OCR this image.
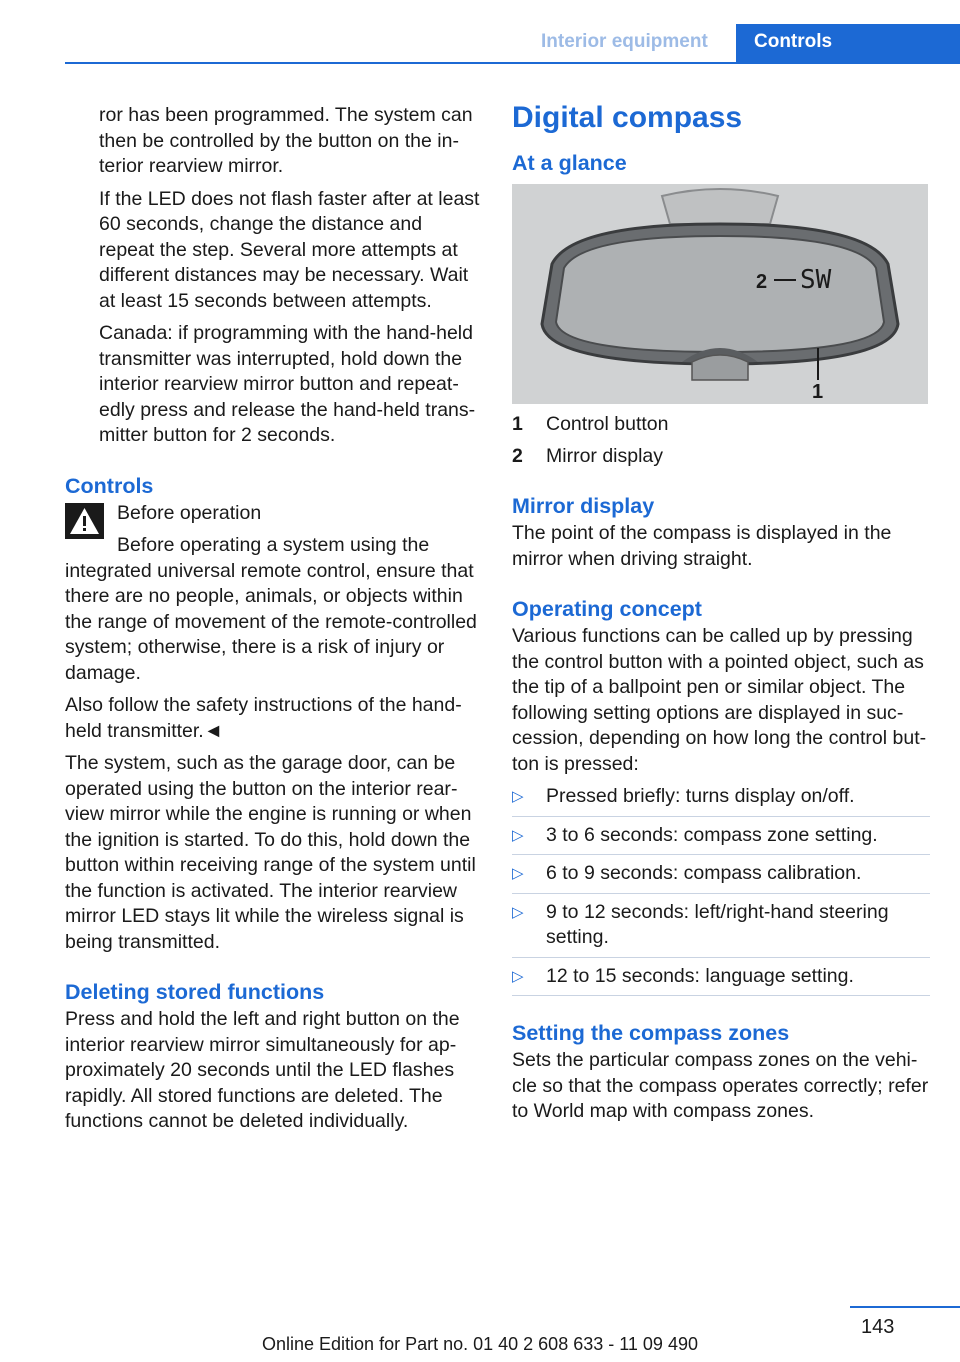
Interior equipment Controls

ror has been programmed. The system can then be controlled by the button on the interior rearview mirror.

If the LED does not flash faster after at least 60 seconds, change the distance and repeat the step. Several more attempts at different distances may be necessary. Wait at least 15 seconds between attempts.

Canada: if programming with the hand-held transmitter was interrupted, hold down the interior rearview mirror button and repeatedly press and release the hand-held transmitter button for 2 seconds.

Controls

Before operation

Before operating a system using the integrated universal remote control, ensure that there are no people, animals, or objects within the range of movement of the remote-controlled system; otherwise, there is a risk of injury or damage.

Also follow the safety instructions of the hand-held transmitter.◄

The system, such as the garage door, can be operated using the button on the interior rearview mirror while the engine is running or when the ignition is started. To do this, hold down the button within receiving range of the system until the function is activated. The interior rearview mirror LED stays lit while the wireless signal is being transmitted.

Deleting stored functions

Press and hold the left and right button on the interior rearview mirror simultaneously for approximately 20 seconds until the LED flashes rapidly. All stored functions are deleted. The functions cannot be deleted individually.

Digital compass
At a glance
SW
2
1
1	Control button
2	Mirror display
Mirror display

The point of the compass is displayed in the mirror when driving straight.

Operating concept

Various functions can be called up by pressing the control button with a pointed object, such as the tip of a ballpoint pen or similar object. The following setting options are displayed in succession, depending on how long the control button is pressed:

▷ Pressed briefly: turns display on/off.
▷ 3 to 6 seconds: compass zone setting.
▷ 6 to 9 seconds: compass calibration.
▷ 9 to 12 seconds: left/right-hand steering setting.
▷ 12 to 15 seconds: language setting.
Setting the compass zones

Sets the particular compass zones on the vehicle so that the compass operates correctly; refer to World map with compass zones.

143
Online Edition for Part no. 01 40 2 608 633 - 11 09 490
